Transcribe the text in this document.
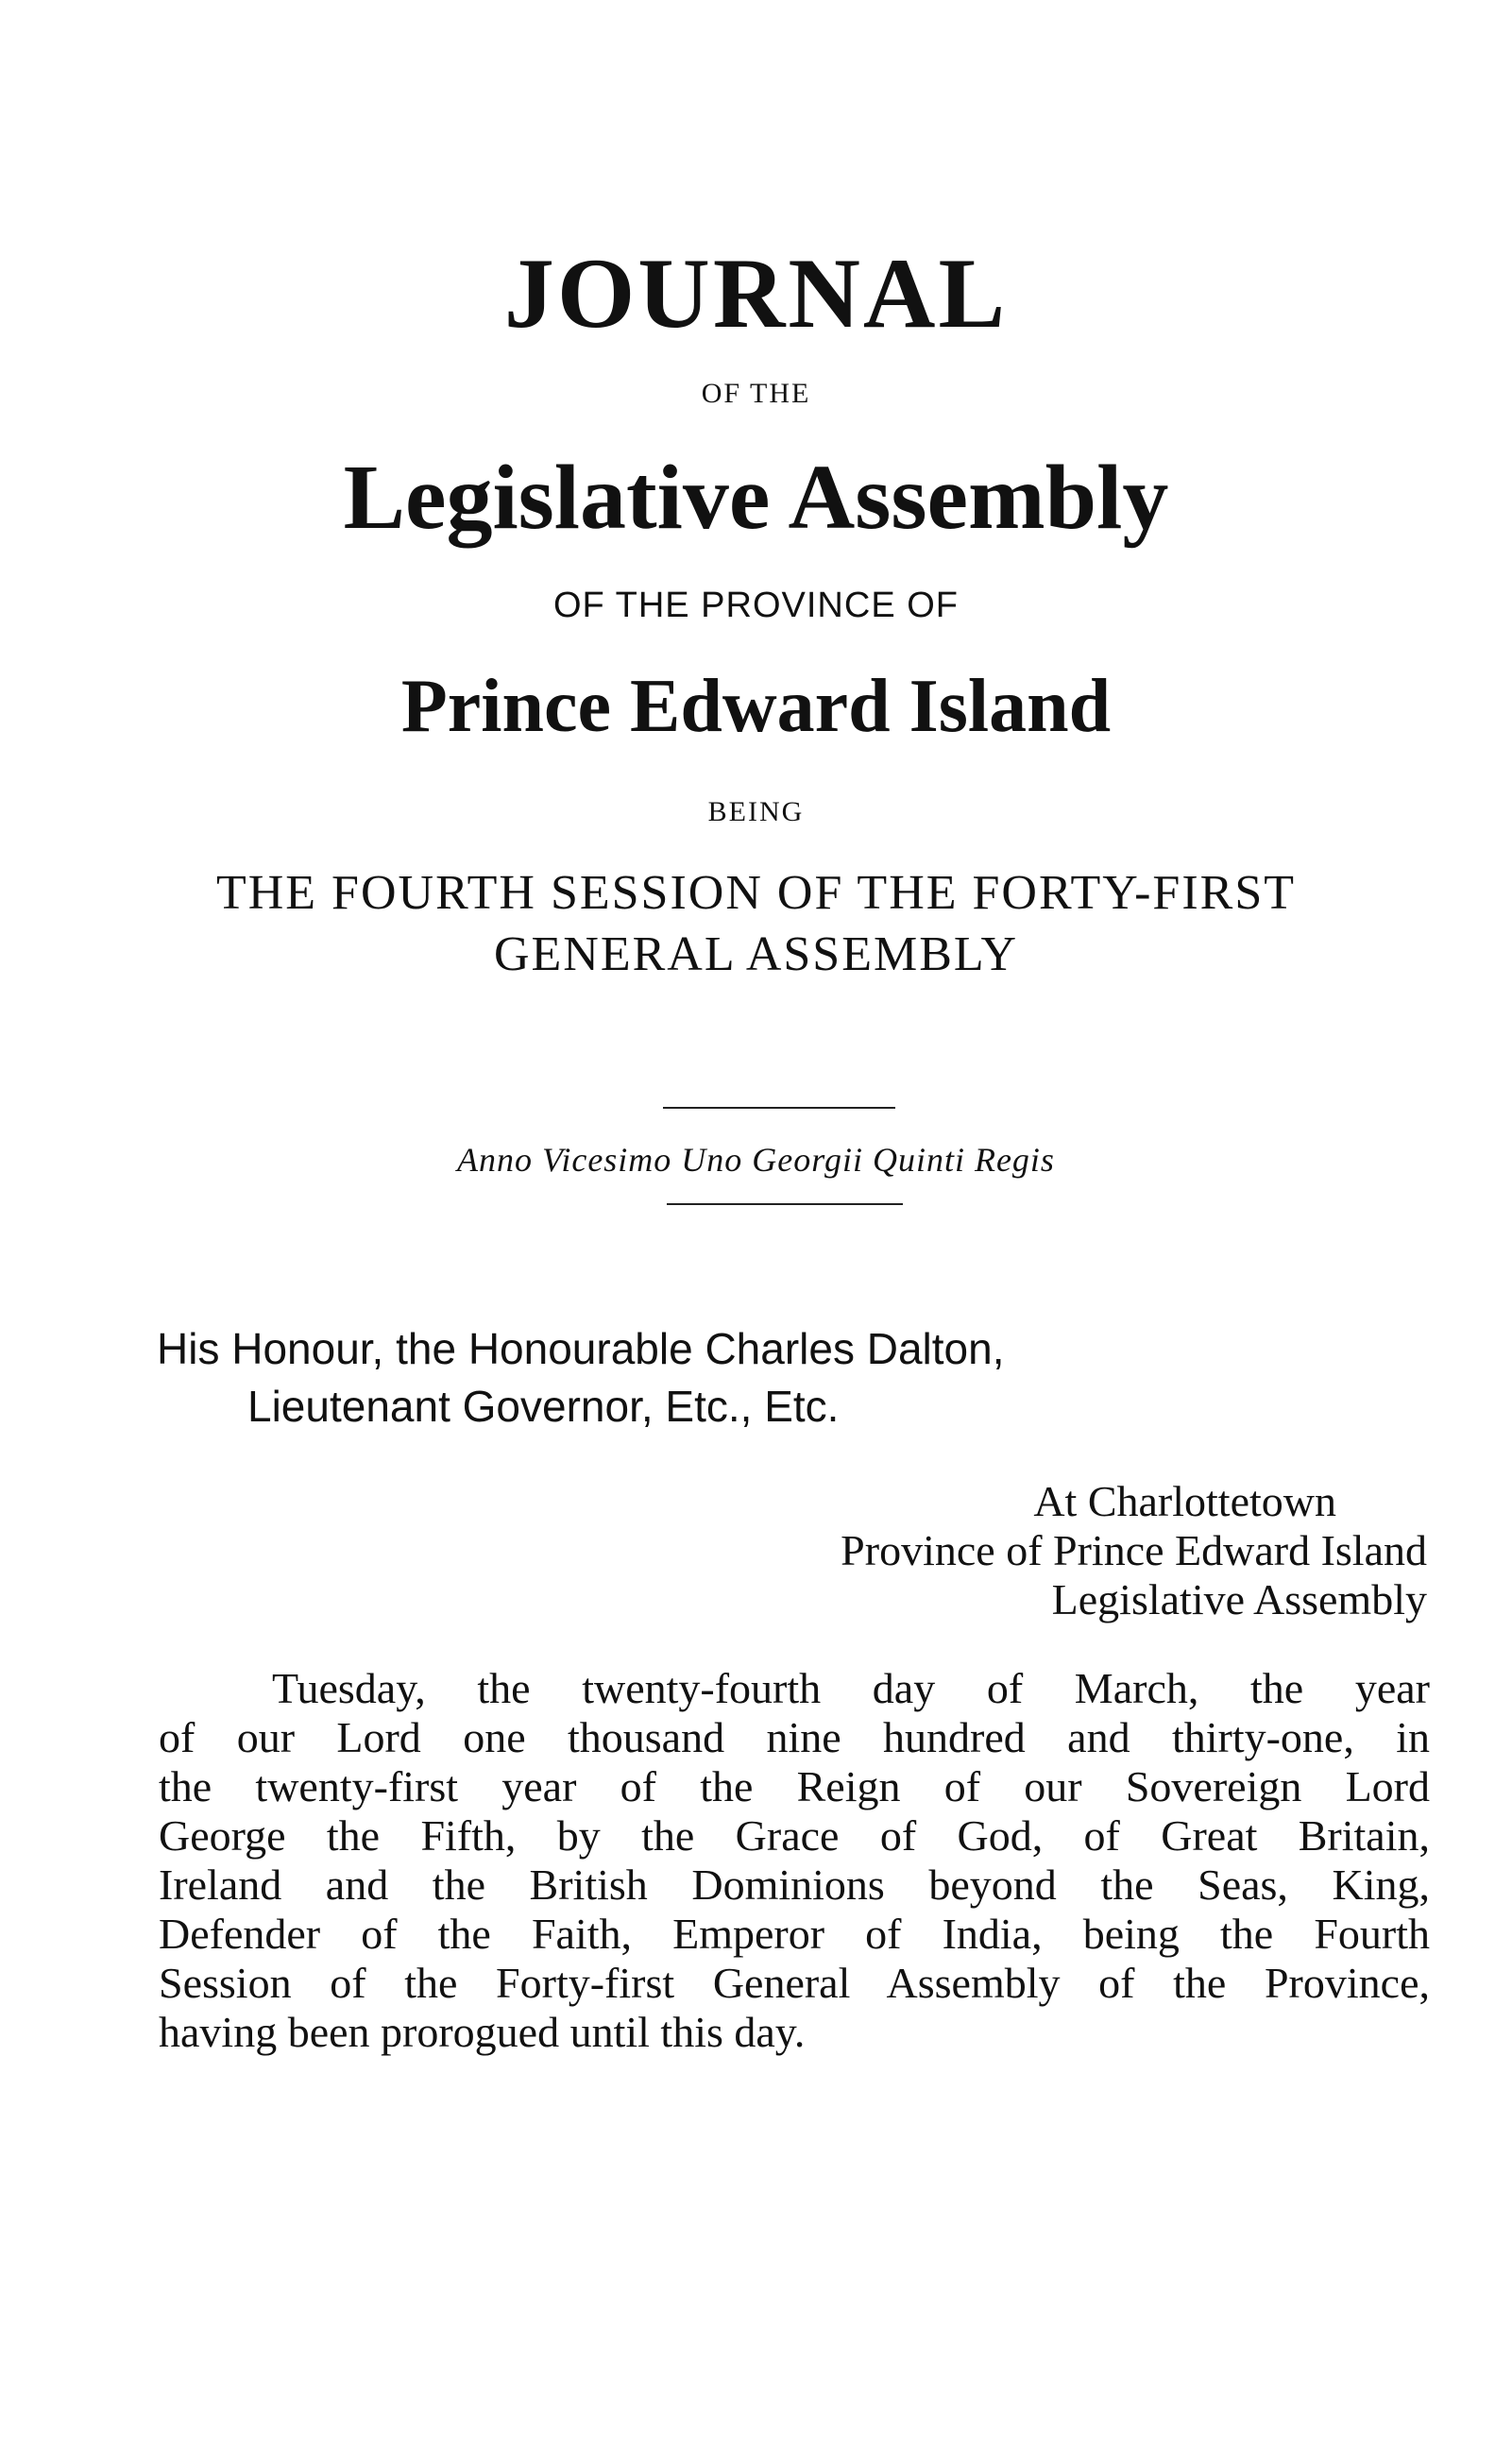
JOURNAL
OF THE
Legislative Assembly
OF THE PROVINCE OF
Prince Edward Island
BEING
THE FOURTH SESSION OF THE FORTY-FIRST
GENERAL ASSEMBLY
Anno Vicesimo Uno Georgii Quinti Regis
His Honour, the Honourable Charles Dalton,
Lieutenant Governor, Etc., Etc.
At Charlottetown
Province of Prince Edward Island
Legislative Assembly
Tuesday, the twenty-fourth day of March, the year
of our Lord one thousand nine hundred and thirty-one, in
the twenty-first year of the Reign of our Sovereign Lord
George the Fifth, by the Grace of God, of Great Britain,
Ireland and the British Dominions beyond the Seas, King,
Defender of the Faith, Emperor of India, being the Fourth
Session of the Forty-first General Assembly of the Province,
having been prorogued until this day.
